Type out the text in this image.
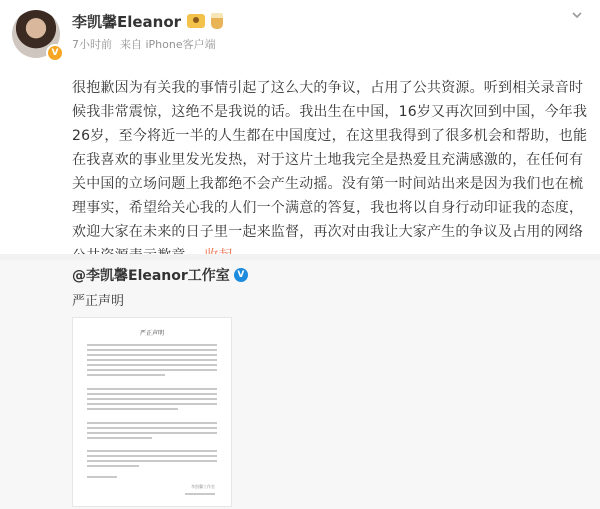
V
李凯馨Eleanor
7小时前 来自 iPhone客户端
很抱歉因为有关我的事情引起了这么大的争议，占用了公共资源。听到相关录音时候我非常震惊，这绝不是我说的话。我出生在中国，16岁又再次回到中国，今年我26岁，至今将近一半的人生都在中国度过，在这里我得到了很多机会和帮助，也能在我喜欢的事业里发光发热，对于这片土地我完全是热爱且充满感激的，在任何有关中国的立场问题上我都绝不会产生动摇。没有第一时间站出来是因为我们也在梳理事实，希望给关心我的人们一个满意的答复，我也将以自身行动印证我的态度，欢迎大家在未来的日子里一起来监督，再次对由我让大家产生的争议及占用的网络
@李凯馨Eleanor工作室 V
严正声明
严正声明
李凯馨工作室
